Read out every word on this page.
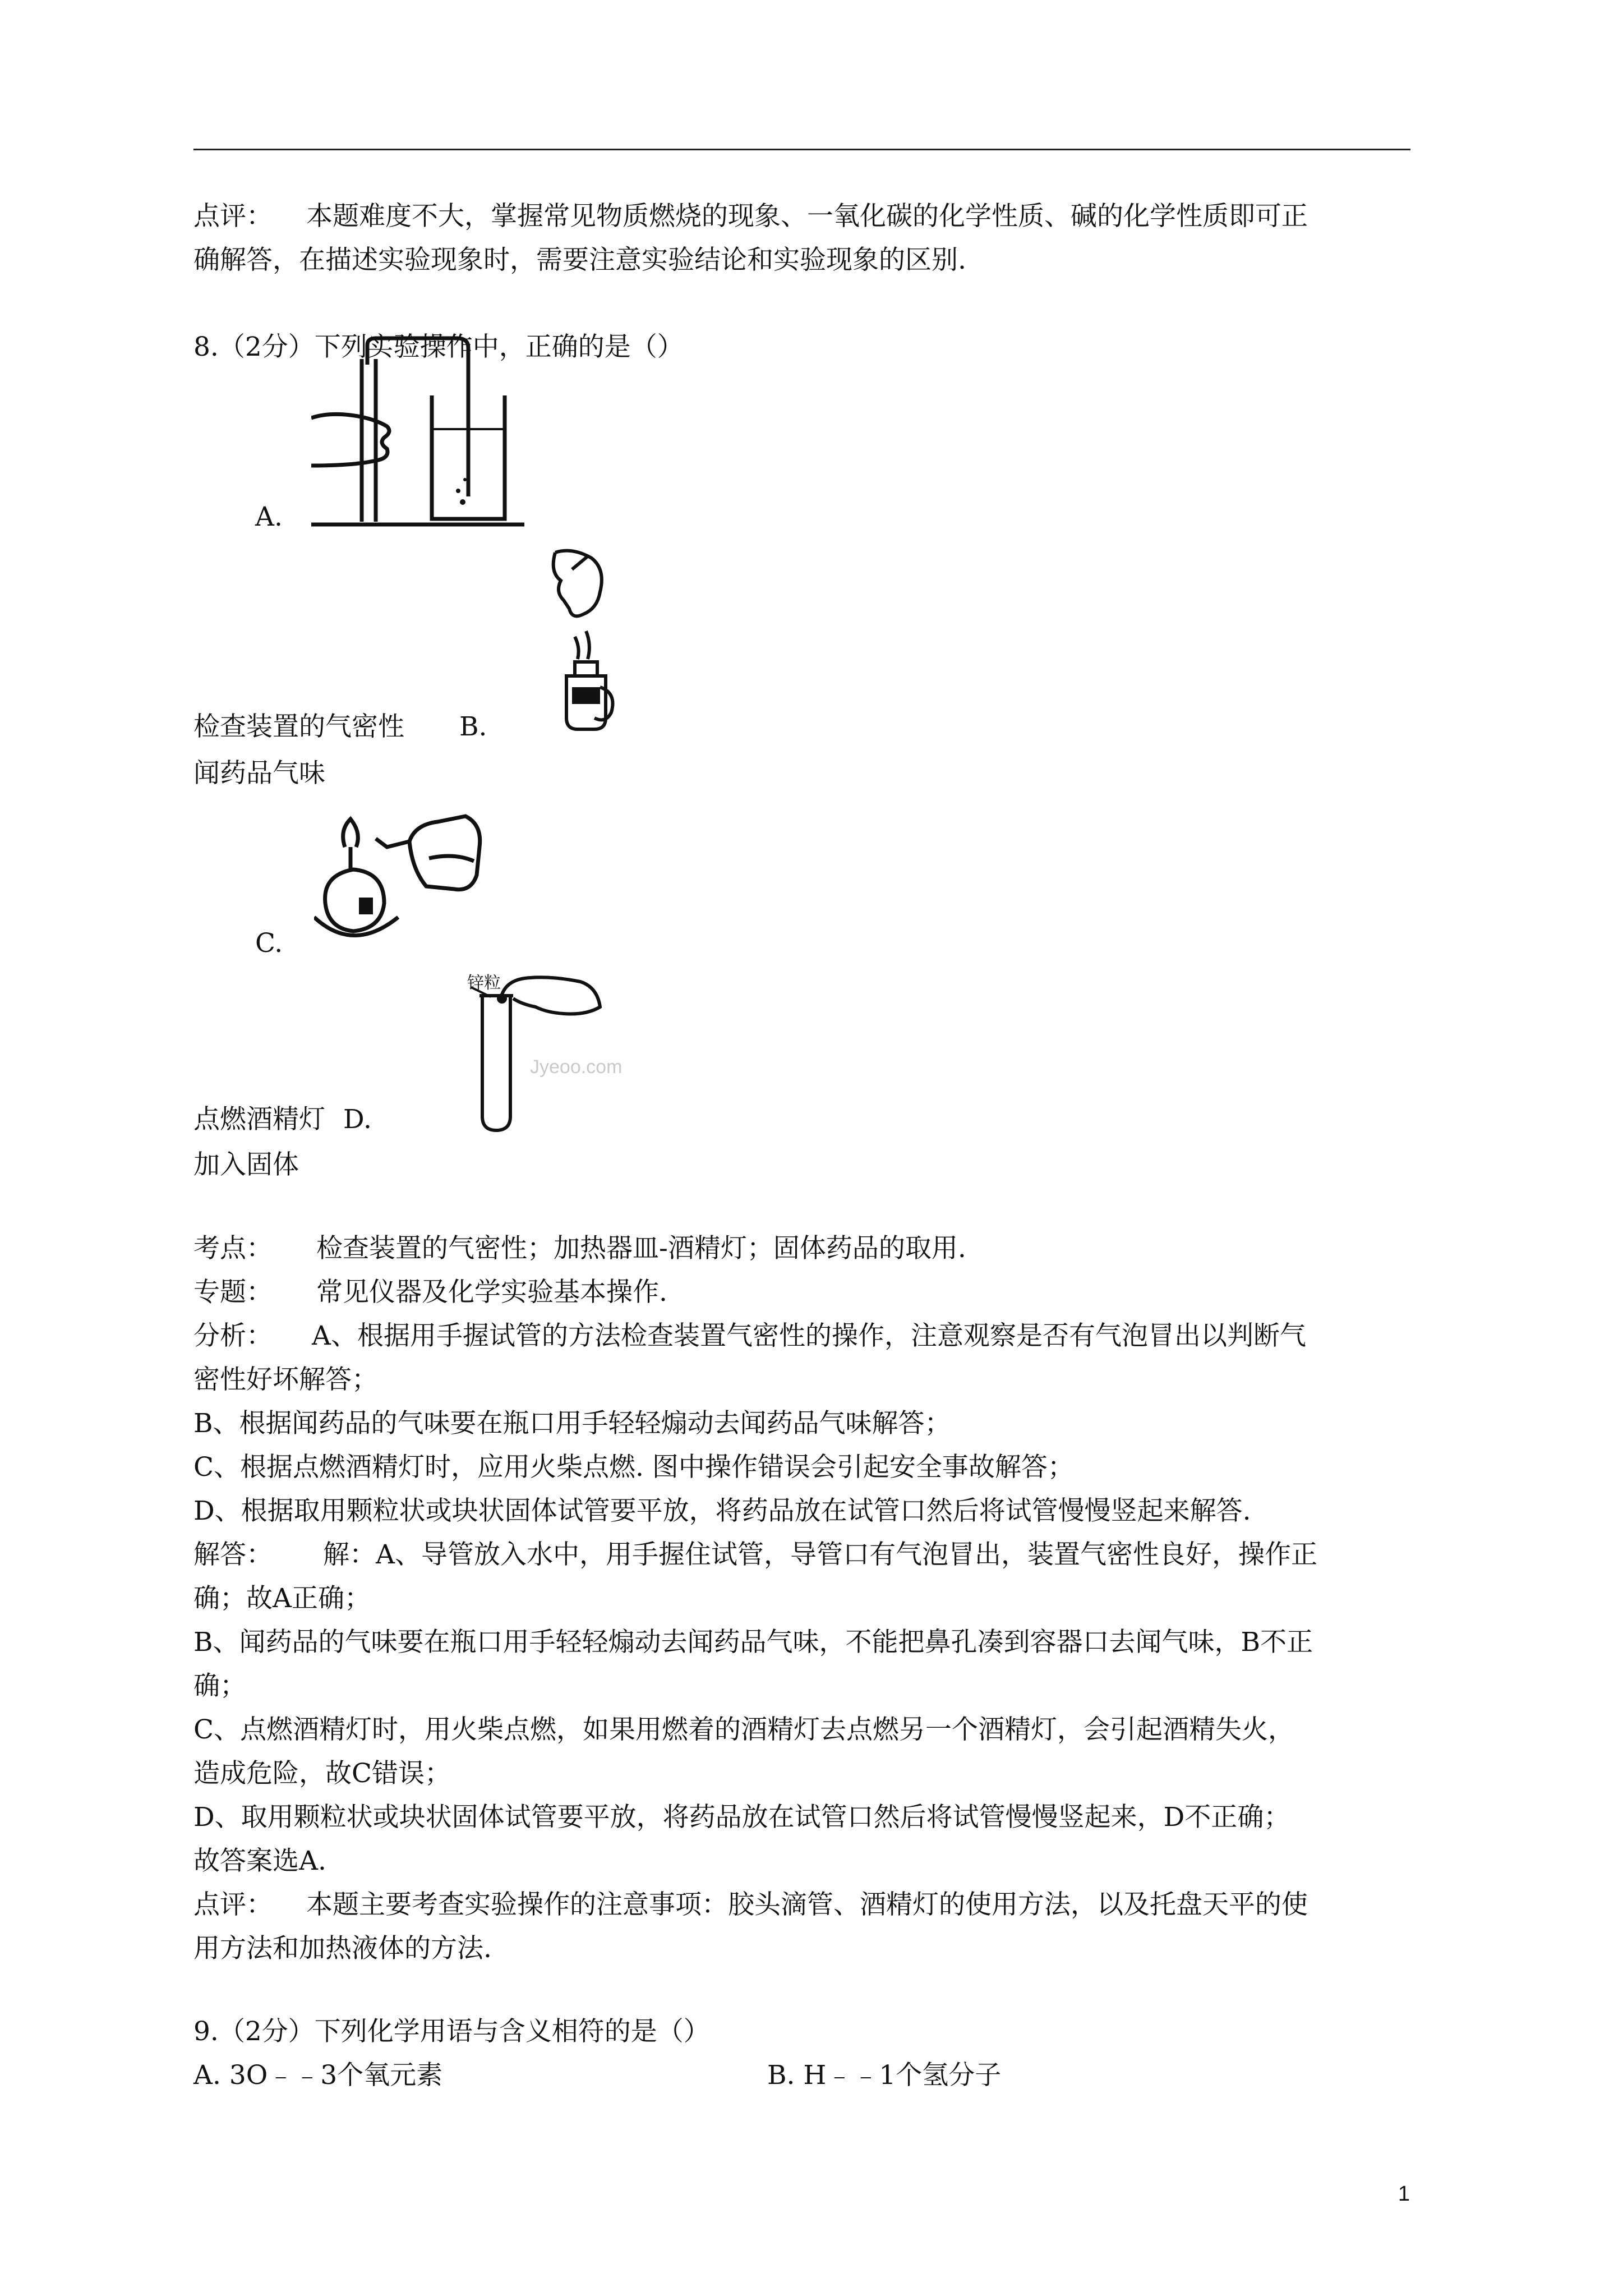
点评： 本题难度不大，掌握常见物质燃烧的现象、一氧化碳的化学性质、碱的化学性质即可正
确解答，在描述实验现象时，需要注意实验结论和实验现象的区别.
8.（2分）下列实验操作中，正确的是（）
A.
检查装置的气密性 B.
闻药品气味
C.
锌粒
Jyeoo.com
点燃酒精灯 D.
加入固体
考点： 检查装置的气密性；加热器皿-酒精灯；固体药品的取用.
专题： 常见仪器及化学实验基本操作.
分析： A、根据用手握试管的方法检查装置气密性的操作，注意观察是否有气泡冒出以判断气
密性好坏解答；
B、根据闻药品的气味要在瓶口用手轻轻煽动去闻药品气味解答；
C、根据点燃酒精灯时，应用火柴点燃. 图中操作错误会引起安全事故解答；
D、根据取用颗粒状或块状固体试管要平放，将药品放在试管口然后将试管慢慢竖起来解答.
解答： 解：A、导管放入水中，用手握住试管，导管口有气泡冒出，装置气密性良好，操作正
确；故A正确；
B、闻药品的气味要在瓶口用手轻轻煽动去闻药品气味，不能把鼻孔凑到容器口去闻气味，B不正
确；
C、点燃酒精灯时，用火柴点燃，如果用燃着的酒精灯去点燃另一个酒精灯，会引起酒精失火，
造成危险，故C错误；
D、取用颗粒状或块状固体试管要平放，将药品放在试管口然后将试管慢慢竖起来，D不正确；
故答案选A.
点评： 本题主要考查实验操作的注意事项：胶头滴管、酒精灯的使用方法，以及托盘天平的使
用方法和加热液体的方法.
9.（2分）下列化学用语与含义相符的是（）
A. 3O﹣﹣3个氧元素	B. H﹣﹣1个氢分子
1
